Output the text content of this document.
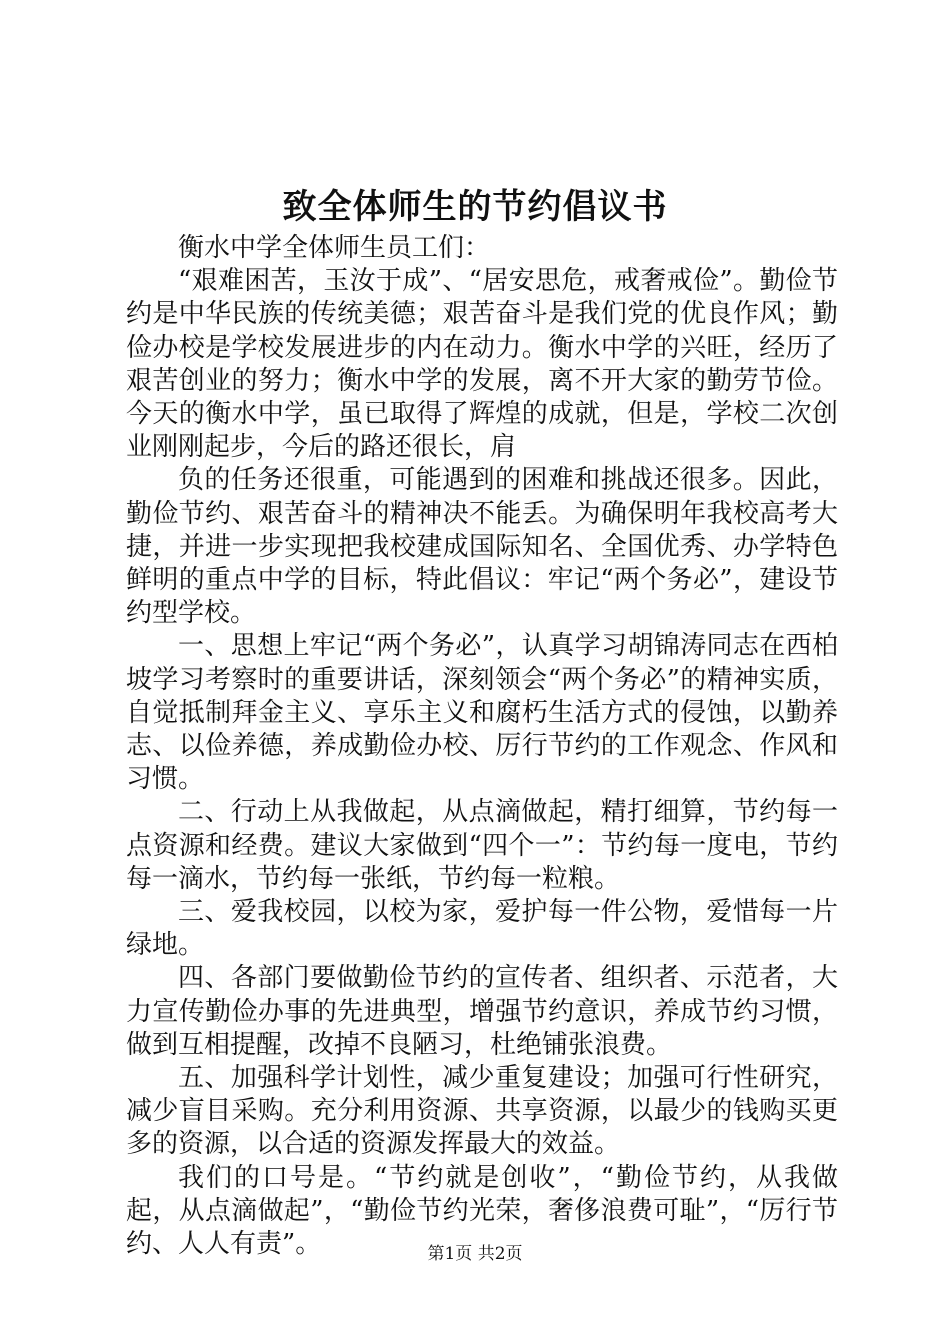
致全体师生的节约倡议书

衡水中学全体师生员工们：

“艰难困苦，玉汝于成”、“居安思危，戒奢戒俭”。勤俭节约是中华民族的传统美德；艰苦奋斗是我们党的优良作风；勤俭办校是学校发展进步的内在动力。衡水中学的兴旺，经历了艰苦创业的努力；衡水中学的发展，离不开大家的勤劳节俭。今天的衡水中学，虽已取得了辉煌的成就，但是，学校二次创业刚刚起步，今后的路还很长，肩

负的任务还很重，可能遇到的困难和挑战还很多。因此，勤俭节约、艰苦奋斗的精神决不能丢。为确保明年我校高考大捷，并进一步实现把我校建成国际知名、全国优秀、办学特色鲜明的重点中学的目标，特此倡议：牢记“两个务必”，建设节约型学校。

一、思想上牢记“两个务必”，认真学习胡锦涛同志在西柏坡学习考察时的重要讲话，深刻领会“两个务必”的精神实质，自觉抵制拜金主义、享乐主义和腐朽生活方式的侵蚀，以勤养志、以俭养德，养成勤俭办校、厉行节约的工作观念、作风和习惯。

二、行动上从我做起，从点滴做起，精打细算，节约每一点资源和经费。建议大家做到“四个一”：节约每一度电，节约每一滴水，节约每一张纸，节约每一粒粮。

三、爱我校园，以校为家，爱护每一件公物，爱惜每一片绿地。

四、各部门要做勤俭节约的宣传者、组织者、示范者，大力宣传勤俭办事的先进典型，增强节约意识，养成节约习惯，做到互相提醒，改掉不良陋习，杜绝铺张浪费。

五、加强科学计划性，减少重复建设；加强可行性研究，减少盲目采购。充分利用资源、共享资源，以最少的钱购买更多的资源，以合适的资源发挥最大的效益。

我们的口号是。“节约就是创收”，“勤俭节约，从我做起，从点滴做起”，“勤俭节约光荣，奢侈浪费可耻”，“厉行节约、人人有责”。	第1页 共2页
